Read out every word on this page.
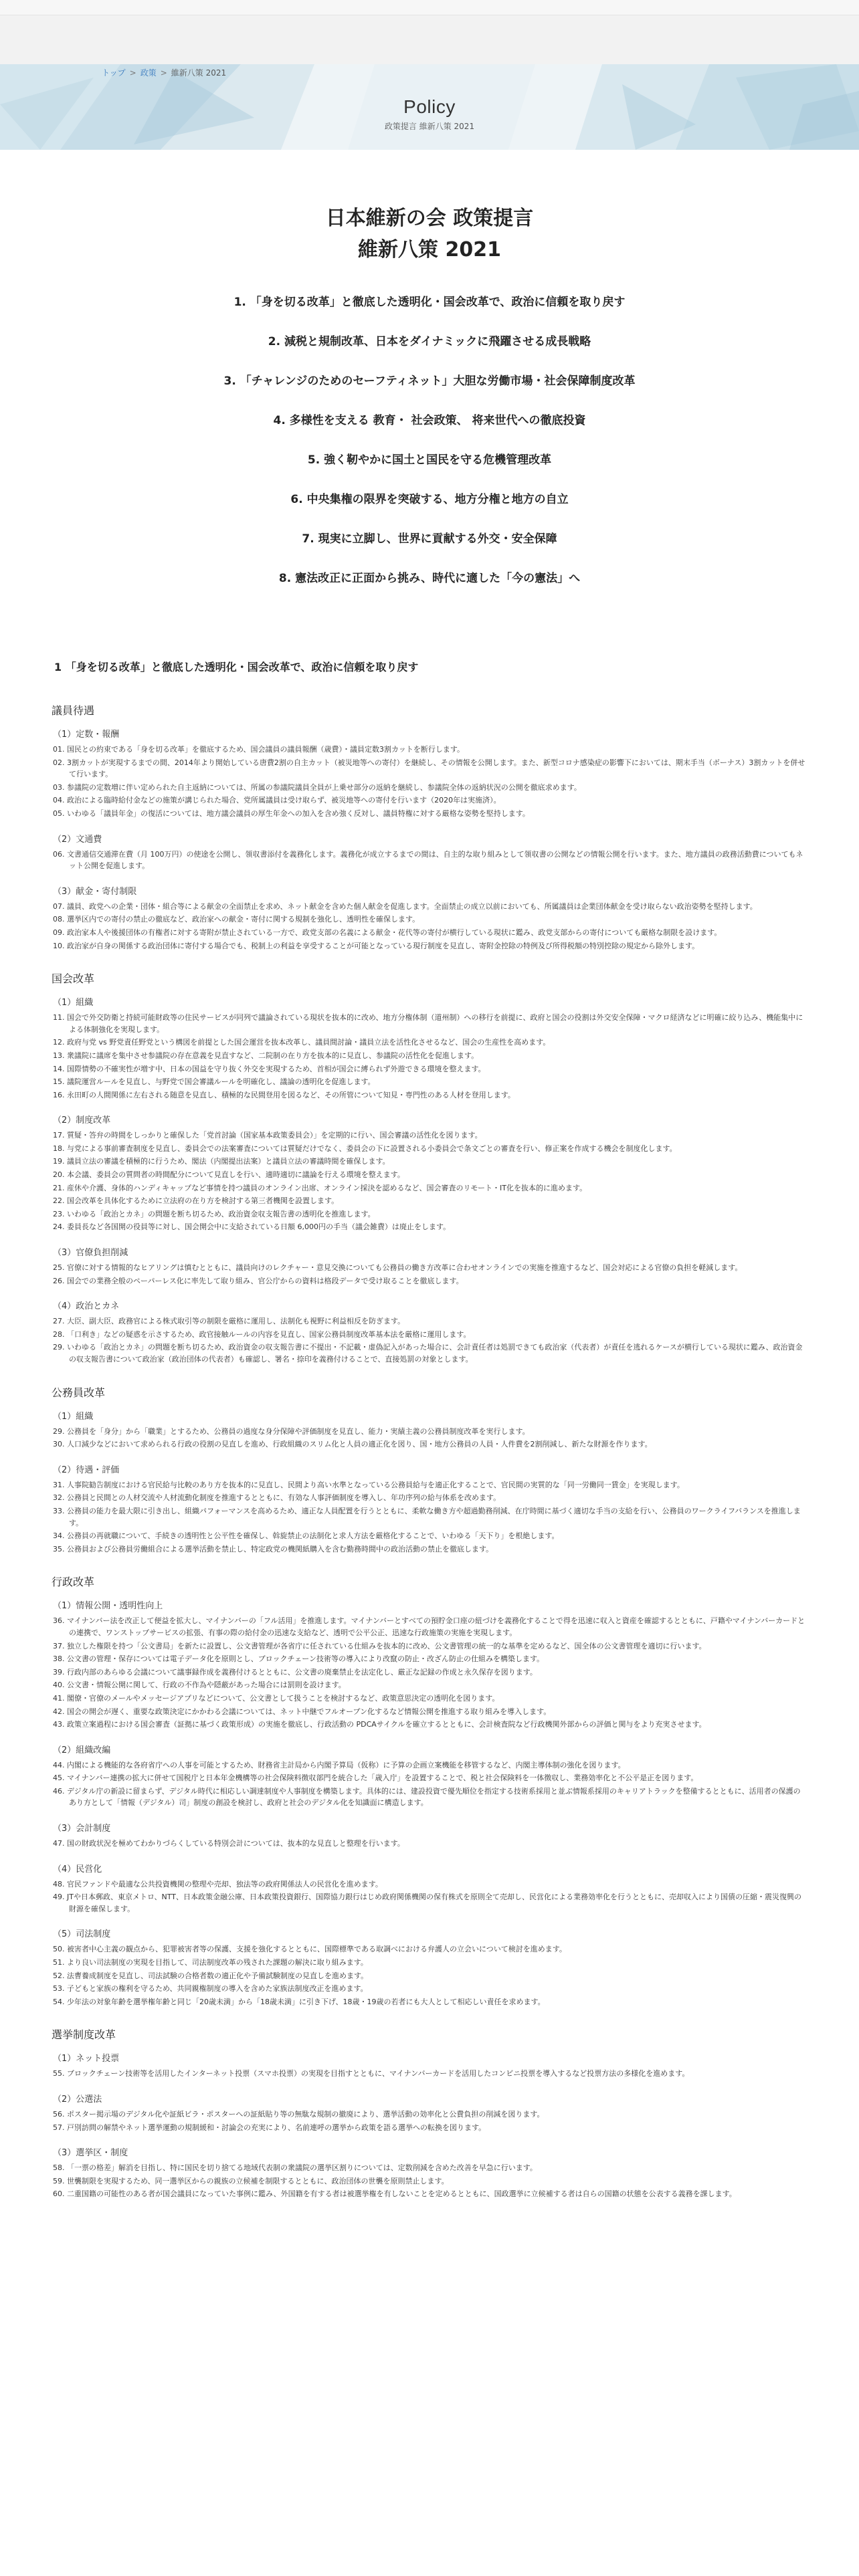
トップ > 政策 > 維新八策 2021
Policy
政策提言 維新八策 2021
日本維新の会 政策提言
維新八策 2021
1. 「身を切る改革」と徹底した透明化・国会改革で、政治に信頼を取り戻す
2. 減税と規制改革、日本をダイナミックに飛躍させる成長戦略
3. 「チャレンジのためのセーフティネット」大胆な労働市場・社会保障制度改革
4. 多様性を支える 教育・ 社会政策、 将来世代への徹底投資
5. 強く靭やかに国土と国民を守る危機管理改革
6. 中央集権の限界を突破する、地方分権と地方の自立
7. 現実に立脚し、世界に貢献する外交・安全保障
8. 憲法改正に正面から挑み、時代に適した「今の憲法」へ
1 「身を切る改革」と徹底した透明化・国会改革で、政治に信頼を取り戻す
議員待遇
（1）定数・報酬
01. 国民との約束である「身を切る改革」を徹底するため、国会議員の議員報酬（歳費）・議員定数3割カットを断行します。
02. 3割カットが実現するまでの間、2014年より開始している唐費2割の自主カット（被災地等への寄付）を継続し、その情報を公開します。また、新型コロナ感染症の影響下においては、期末手当（ボーナス）3割カットを併せて行います。
03. 参議院の定数増に伴い定められた自主返納については、所属の参議院議員全員が上乗せ部分の返納を継続し、参議院全体の返納状況の公開を徹底求めます。
04. 政治による臨時給付金などの施策が講じられた場合、党所属議員は受け取らず、被災地等への寄付を行います（2020年は実施済）。
05. いわゆる「議員年金」の復活については、地方議会議員の厚生年金への加入を含め強く反対し、議員特権に対する厳格な姿勢を堅持します。
（2）文通費
06. 文書通信交通滞在費（月 100万円）の使途を公開し、領収書添付を義務化します。義務化が成立するまでの間は、自主的な取り組みとして領収書の公開などの情報公開を行います。また、地方議員の政務活動費についてもネット公開を促進します。
（3）献金・寄付制限
07. 議員、政党への企業・団体・組合等による献金の全面禁止を求め、ネット献金を含めた個人献金を促進します。全面禁止の成立以前においても、所属議員は企業団体献金を受け取らない政治姿勢を堅持します。
08. 選挙区内での寄付の禁止の徹底など、政治家への献金・寄付に関する規制を強化し、透明性を確保します。
09. 政治家本人や後援団体の有権者に対する寄附が禁止されている一方で、政党支部の名義による献金・花代等の寄付が横行している現状に鑑み、政党支部からの寄付についても厳格な制限を設けます。
10. 政治家が自身の関係する政治団体に寄付する場合でも、税制上の利益を享受することが可能となっている現行制度を見直し、寄附金控除の特例及び所得税額の特別控除の規定から除外します。
国会改革
（1）組織
11. 国会で外交防衛と持続可能財政等の住民サービスが同列で議論されている現状を抜本的に改め、地方分権体制（道州制）への移行を前提に、政府と国会の役割は外交安全保障・マクロ経済などに明確に絞り込み、機能集中による体制強化を実現します。
12. 政府与党 vs 野党責任野党という構図を前提とした国会運営を抜本改革し、議員間討論・議員立法を活性化させるなど、国会の生産性を高めます。
13. 衆議院に議席を集中させ参議院の存在意義を見直すなど、二院制の在り方を抜本的に見直し、参議院の活性化を促進します。
14. 国際情勢の不確実性が増す中、日本の国益を守り抜く外交を実現するため、首相が国会に縛られず外遊できる環境を整えます。
15. 議院運営ルールを見直し、与野党で国会審議ルールを明確化し、議論の透明化を促進します。
16. 永田町の人間関係に左右される随意を見直し、積極的な民間登用を図るなど、その所管について知見・専門性のある人材を登用します。
（2）制度改革
17. 質疑・答弁の時間をしっかりと確保した「党首討論（国家基本政策委員会）」を定期的に行い、国会審議の活性化を図ります。
18. 与党による事前審査制度を見直し、委員会での法案審査については質疑だけでなく、委員会の下に設置される小委員会で条文ごとの審査を行い、修正案を作成する機会を制度化します。
19. 議員立法の審議を積極的に行うため、閣法（内閣提出法案）と議員立法の審議時間を確保します。
20. 本会議、委員会の質問者の時間配分について見直しを行い、適時適切に議論を行える環境を整えます。
21. 産休や介護、身体的ハンディキャップなど事情を持つ議員のオンライン出席、オンライン採決を認めるなど、国会審査のリモート・IT化を抜本的に進めます。
22. 国会改革を具体化するために立法府の在り方を検討する第三者機関を設置します。
23. いわゆる「政治とカネ」の問題を断ち切るため、政治資金収支報告書の透明化を推進します。
24. 委員長など各国開の役員等に対し、国会開会中に支給されている日額 6,000円の手当（議会雑費）は廃止をします。
（3）官僚負担削減
25. 官僚に対する情報的なヒアリングは慎むとともに、議員向けのレクチャー・意見交換についても公務員の働き方改革に合わせオンラインでの実施を推進するなど、国会対応による官僚の負担を軽減します。
26. 国会での業務全般のペーパーレス化に率先して取り組み、官公庁からの資料は格段データで受け取ることを徹底します。
（4）政治とカネ
27. 大臣、副大臣、政務官による株式取引等の制限を厳格に運用し、法制化も視野に利益相反を防ぎます。
28. 「口利き」などの疑惑を示さするため、政官接触ルールの内容を見直し、国家公務員制度改革基本法を厳格に運用します。
29. いわゆる「政治とカネ」の問題を断ち切るため、政治資金の収支報告書に不提出・不記載・虚偽記入があった場合に、会計責任者は処罰できても政治家（代表者）が責任を逃れるケースが横行している現状に鑑み、政治資金の収支報告書について政治家（政治団体の代表者）も確認し、署名・捺印を義務付けることで、直接処罰の対象とします。
公務員改革
（1）組織
29. 公務員を「身分」から「職業」とするため、公務員の過度な身分保障や評価制度を見直し、能力・実績主義の公務員制度改革を実行します。
30. 人口減少などにおいて求められる行政の役割の見直しを進め、行政組織のスリム化と人員の適正化を図り、国・地方公務員の人員・人件費を2割削減し、新たな財源を作ります。
（2）待遇・評価
31. 人事院勧告制度における官民給与比較のあり方を抜本的に見直し、民間より高い水準となっている公務員給与を適正化することで、官民間の実質的な「同一労働同一賃金」を実現します。
32. 公務員と民間との人材交流や人材流動化制度を推進するとともに、有効な人事評価制度を導入し、年功序列の給与体系を改めます。
33. 公務員の能力を最大限に引き出し、組織パフォーマンスを高めるため、適正な人員配置を行うとともに、柔軟な働き方や超過勤務削減、在庁時間に基づく適切な手当の支給を行い、公務員のワークライフバランスを推進します。
34. 公務員の再就職について、手続きの透明性と公平性を確保し、斡旋禁止の法制化と求人方法を厳格化することで、いわゆる「天下り」を根絶します。
35. 公務員および公務員労働組合による選挙活動を禁止し、特定政党の機関紙購入を含む勤務時間中の政治活動の禁止を徹底します。
行政改革
（1）情報公開・透明性向上
36. マイナンバー法を改正して便益を拡大し、マイナンバーの「フル活用」を推進します。マイナンバーとすべての預貯金口座の紐づけを義務化することで得を迅速に収入と資産を確認するとともに、戸籍やマイナンバーカードとの連携で、ワンストップサービスの拡張、有事の際の給付金の迅速な支給など、透明で公平公正、迅速な行政施策の実施を実現します。
37. 独立した権限を持つ「公文書局」を新たに設置し、公文書管理が各省庁に任されている仕組みを抜本的に改め、公文書管理の統一的な基準を定めるなど、国全体の公文書管理を適切に行います。
38. 公文書の管理・保存については電子データ化を原則とし、ブロックチェーン技術等の導入により改竄の防止・改ざん防止の仕組みを構築します。
39. 行政内部のあらゆる会議について議事録作成を義務付けるとともに、公文書の廃棄禁止を法定化し、厳正な記録の作成と永久保存を図ります。
40. 公文書・情報公開に関して、行政の不作為や隠蔽があった場合には罰則を設けます。
41. 閣僚・官僚のメールやメッセージアプリなどについて、公文書として扱うことを検討するなど、政策意思決定の透明化を図ります。
42. 国会の開会が遅く、重要な政策決定にかかわる会議については、ネット中継でフルオープン化するなど情報公開を推進する取り組みを導入します。
43. 政策立案過程における国会審査（証拠に基づく政策形成）の実施を徹底し、行政活動の PDCAサイクルを確立するとともに、会計検査院など行政機関外部からの評価と関与をより充実させます。
（2）組織改編
44. 内閣による機能的な各府省庁への人事を可能とするため、財務省主計局から内閣予算局（仮称）に予算の企画立案機能を移管するなど、内閣主導体制の強化を図ります。
45. マイナンバー連携の拡大に併せて国税庁と日本年金機構等の社会保険料徴収部門を統合した「歳入庁」を設置することで、税と社会保険料を一体徴収し、業務効率化と不公平是正を図ります。
46. デジタル庁の新設に留まらず、デジタル時代に相応しい調達制度や人事制度を構築します。具体的には、建設投資で優先順位を指定する技術系採用と並ぶ情報系採用のキャリアトラックを整備するとともに、活用者の保護のあり方として「情報（デジタル）司」制度の創設を検討し、政府と社会のデジタル化を知識面に構造します。
（3）会計制度
47. 国の財政状況を極めてわかりづらくしている特別会計については、抜本的な見直しと整理を行います。
（4）民営化
48. 官民ファンドや最適な公共投資機関の整理や売却、独法等の政府関係法人の民営化を進めます。
49. JTや日本郵政、東京メトロ、NTT、日本政策金融公庫、日本政策投資銀行、国際協力銀行はじめ政府関係機関の保有株式を原則全て売却し、民営化による業務効率化を行うとともに、売却収入により国債の圧縮・震災復興の財源を確保します。
（5）司法制度
50. 被害者中心主義の観点から、犯罪被害者等の保護、支援を強化するとともに、国際標準である取調べにおける弁護人の立会いについて検討を進めます。
51. より良い司法制度の実現を目指して、司法制度改革の残された課題の解決に取り組みます。
52. 法曹養成制度を見直し、司法試験の合格者数の適正化や予備試験制度の見直しを進めます。
53. 子どもと家族の権利を守るため、共同親権制度の導入を含めた家族法制度改正を進めます。
54. 少年法の対象年齢を選挙権年齢と同じ「20歳未満」から「18歳未満」に引き下げ、18歳・19歳の若者にも大人として相応しい責任を求めます。
選挙制度改革
（1）ネット投票
55. ブロックチェーン技術等を活用したインターネット投票（スマホ投票）の実現を目指すとともに、マイナンバーカードを活用したコンビニ投票を導入するなど投票方法の多様化を進めます。
（2）公選法
56. ポスター掲示場のデジタル化や証紙ビラ・ポスターへの証紙貼り等の無駄な規制の撤廃により、選挙活動の効率化と公費負担の削減を図ります。
57. 戸別訪問の解禁やネット選挙運動の規制緩和・討論会の充実により、名前連呼の選挙から政策を語る選挙への転換を図ります。
（3）選挙区・制度
58. 「一票の格差」解消を目指し、特に国民を切り捨てる地域代表制の衆議院の選挙区割りについては、定数削減を含めた改善を早急に行います。
59. 世襲制限を実現するため、同一選挙区からの親族の立候補を制限するとともに、政治団体の世襲を原則禁止します。
60. 二重国籍の可能性のある者が国会議員になっていた事例に鑑み、外国籍を有する者は被選挙権を有しないことを定めるとともに、国政選挙に立候補する者は自らの国籍の状態を公表する義務を課します。
